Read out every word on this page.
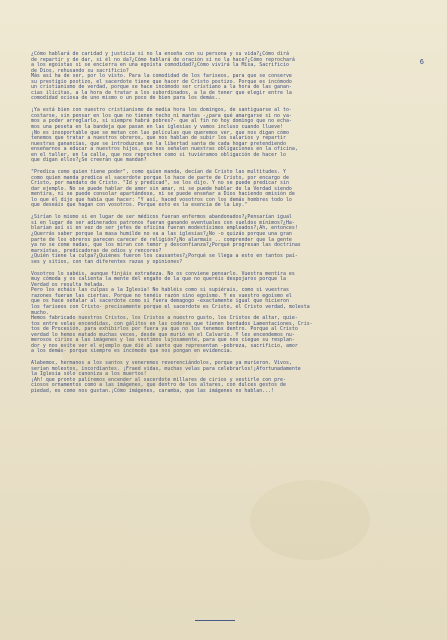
6

¿Cómo hablará de caridad y justicia si no la enseña con su persona y su vida?¿Cómo dirá
de repartir y de dar, si él no da?¿Cómo hablará de oración si no la hace?¿Cómo reprochará
a los egoístas si se encierra en una egoísta comodidad?¿Cómo vivirá la Misa, Sacrificio
de Dios, rehusando su sacrificio?
Más así ha de ser, por lo visto. Para la comodidad de los fariseos, para que se conserve
su prestigio postizo, el sacerdote tiene que hacer de Cristo postizo. Porque es incómodo
un cristianismo de verdad, porque se hace incómodo ser cristiano a la hora de las ganan-
cias ilícitas, a la hora de tratar a los subordinados, a la de tener que elegir entre la
comodidad ociosa de uno mismo o un poco de bien para los demás..

¡Ya está bien con nuestro cristianismo de media hora los domingos, de santiguarse al to-
costarse, sin pensar en los que no tienen techo ni mantas -¿para qué amargarse si no va-
mos a poder arreglarlo, si siempre habrá pobres?- que al fin no hoy domingo que no echa-
mos una peseta en la bandeja que pasan en las iglesias y vamos incluso cuando llueve!
¡No es insoportable que se metan con las películas que queremos ver, que nos digan cómo
tenemos que tratar a nuestros obreros, que nos hablan de subir los salarios y repartir
nuestras ganancias, que se introduzcan en la libertad santa de cada hogar pretendiendo
enseñarnos a educar a nuestros hijos, que nos señalen nuestras obligaciones en la oficina,
en el taller, en la calle, que nos reprochen como si tuviéramos obligación de hacer lo
que digan ellos?¿Se creerán que mandan?

"Predica como quien tiene poder", como quien manda, decían de Cristo las multitudes. Y
como quien manda predica el sacerdote porque lo hace de parte de Cristo, por encargo de
Cristo, por mandato de Cristo. "Id y predicad", se los dijo. Y no se puede predicar sin
dar ejemplo. No se puede hablar de amor sin amar, ni se puede hablar de la Verdad siendo
mentira, ni se puede consolar apartándose, ni se puede enseñar a Dios haciendo omisión de
lo que él dijo que había que hacer: "Y así, haced vosotros con los demás hombres todo lo
que deseáis que hagan con vosotros. Porque esto es la esencia de la Ley."

¿Sirían lo mismo si en lugar de ser médicos fueran enfermos abandonados?¿Pensarían igual
si en lugar de ser adinerados patronos fueran ganando eventuales con sueldos mínimos?¿Ha-
blarían así si en vez de ser jefes de oficina fueran modestísimos empleados?¡Ah, entonces!
¿Querrás saber porque la masa humilde no va a las iglesias?¿No -o quizás porque una gran
parte de los obreros parecen carecer de religión?¿No alarmaís .. comprender que la gente
ya no se come nadas, que los miran con temor y desconfianza?¿Porqué progresan las doctrinas
marxistas, predicadoras de odios y rencores?
¿Quién tiene la culpa?¿Quiénes fueron los causantes?¿Porqué se llega a esto en tantos paí-
ses y sitios, con tan diferentes razas y opiniones?

Vosotros lo sabéis, aunque finjáis extrañeza. No os conviene pensarlo. Vuestra mentira es
muy cómoda y os calienta la mente del engaño de la que no queréis despojaros porque la
Verdad os resulta helada.
Pero los echáis las culpas a la Iglesia! No habléis como si supiérais, como si vuestras
razones fueran las ciertas. Porque no tenéis razón sino egoísmo. Y es vuestro egoísmo el
que os hace señalar al sacerdote como si fuera demagogo -exactamente igual que hicieron
los fariseos con Cristo- precisamente porque el sacerdote es Cristo, el Cristo verdad, molesta
mucho.
Hemos fabricado nuestros Cristos, los Cristos a nuestro gusto, los Cristos de altar, quie-
tos entre velas encendidas, con gálitos en las coderas que tienen bordados Lamentaciones, Cris-
tos de Procesión, para exhibirlos por fuera ya que no los tenemos dentro. Porque al Cristo
verdad lo hemos matado muchas veces, desde que murió en el Calvario. Y les encendemos nu-
merosos cirios a las imágenes y las vestimos lujosamente, para que nos ciegue su resplan-
dor y nos evite ver el ejemplo que dió al santo que representan -pobreza, sacrificio, amor
a los demás- porque siempre es incómodo que nos pongan en evidencia.

Alabemos, hermanos a los santos y veneremos reverenciándolos, porque ya murieron. Vivos,
serían molestos, incordiantes. ¡Fraed vidas, muchas velas para celebrarlos!¡Afortunadamente
la Iglesia sólo canoniza a los muertos!
¡Ah! que pronto palíremos encender al sacerdote millares de cirios y vestirle con pre-
ciosos ornamentos como a las imágenes, que dentro de los altares, con dulces gestos de
piedad, es como nos gustan.¡Cómo imágenes, caramba, que las imágenes no hablan...!
